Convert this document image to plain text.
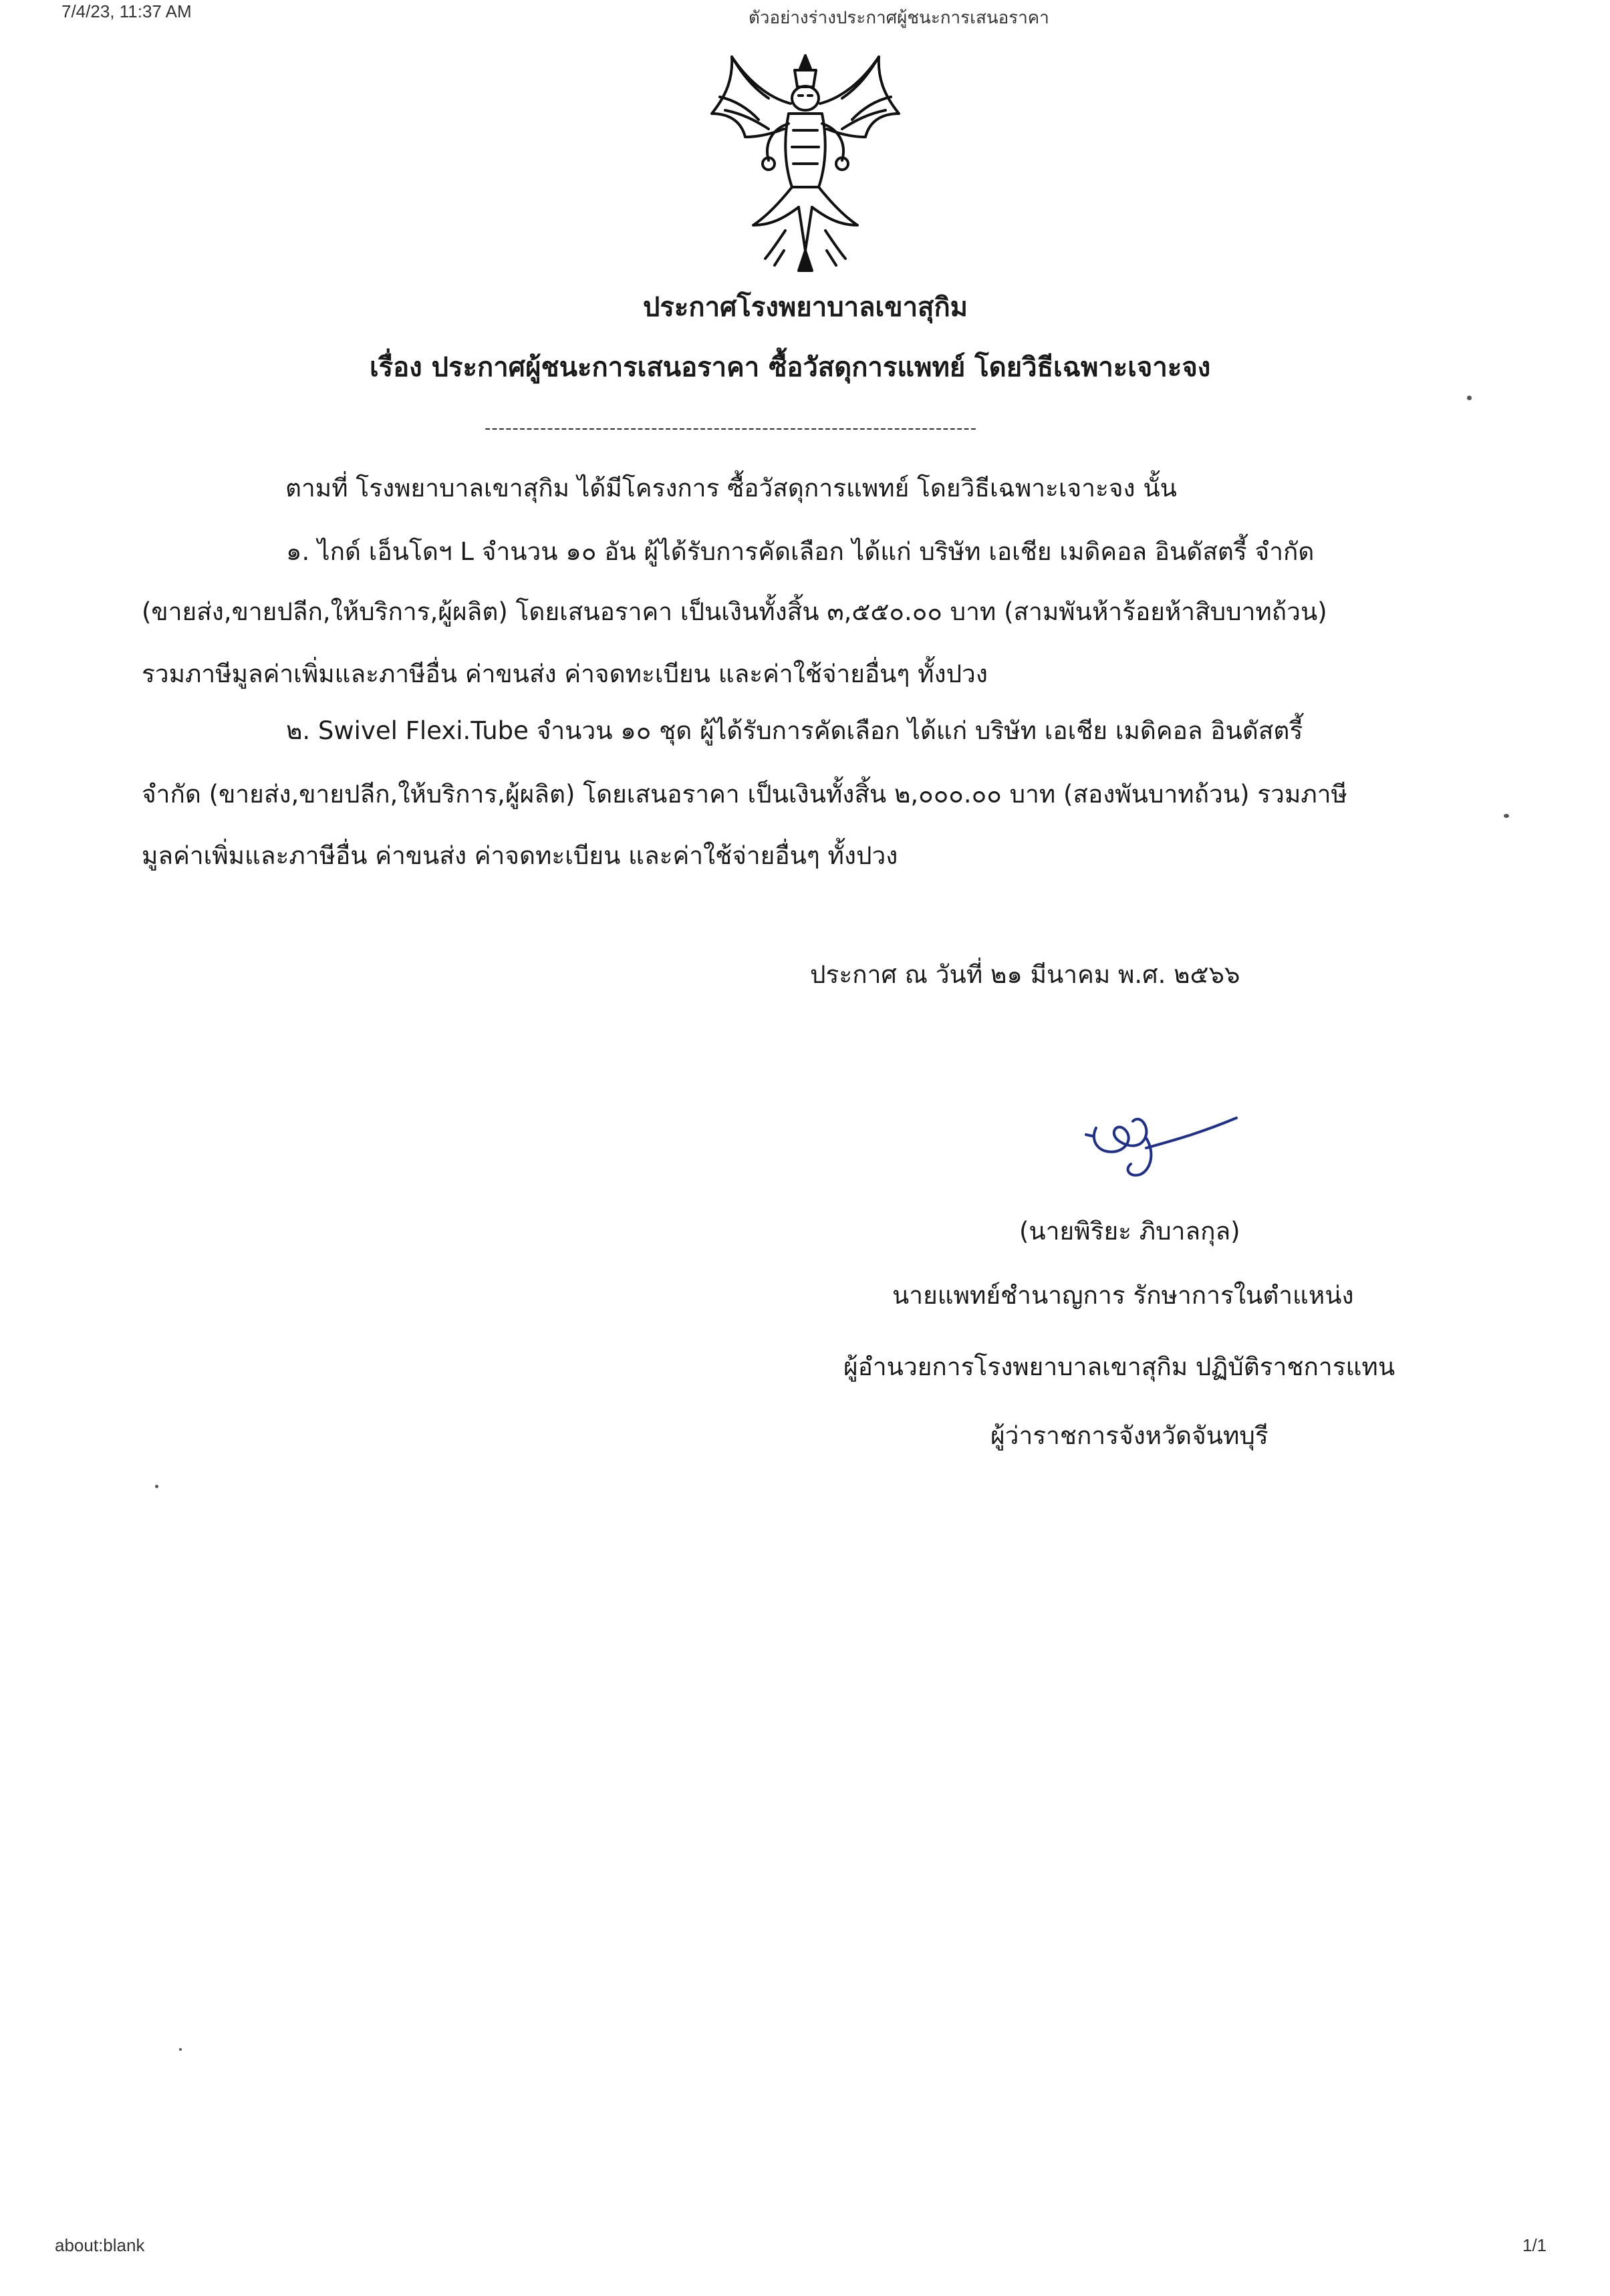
7/4/23, 11:37 AM	ตัวอย่างร่างประกาศผู้ชนะการเสนอราคา
ประกาศโรงพยาบาลเขาสุกิม
เรื่อง ประกาศผู้ชนะการเสนอราคา ซื้อวัสดุการแพทย์ โดยวิธีเฉพาะเจาะจง
-----------------------------------------------------------------------
ตามที่ โรงพยาบาลเขาสุกิม ได้มีโครงการ ซื้อวัสดุการแพทย์ โดยวิธีเฉพาะเจาะจง นั้น
๑. ไกด์ เอ็นโดฯ L จำนวน ๑๐ อัน ผู้ได้รับการคัดเลือก ได้แก่ บริษัท เอเชีย เมดิคอล อินดัสตรี้ จำกัด
(ขายส่ง,ขายปลีก,ให้บริการ,ผู้ผลิต) โดยเสนอราคา เป็นเงินทั้งสิ้น ๓,๕๕๐.๐๐ บาท (สามพันห้าร้อยห้าสิบบาทถ้วน)
รวมภาษีมูลค่าเพิ่มและภาษีอื่น ค่าขนส่ง ค่าจดทะเบียน และค่าใช้จ่ายอื่นๆ ทั้งปวง
๒. Swivel Flexi.Tube จำนวน ๑๐ ชุด ผู้ได้รับการคัดเลือก ได้แก่ บริษัท เอเชีย เมดิคอล อินดัสตรี้
จำกัด (ขายส่ง,ขายปลีก,ให้บริการ,ผู้ผลิต) โดยเสนอราคา เป็นเงินทั้งสิ้น ๒,๐๐๐.๐๐ บาท (สองพันบาทถ้วน) รวมภาษี
มูลค่าเพิ่มและภาษีอื่น ค่าขนส่ง ค่าจดทะเบียน และค่าใช้จ่ายอื่นๆ ทั้งปวง
ประกาศ ณ วันที่ ๒๑ มีนาคม พ.ศ. ๒๕๖๖
(นายพิริยะ ภิบาลกุล)
นายแพทย์ชำนาญการ รักษาการในตำแหน่ง
ผู้อำนวยการโรงพยาบาลเขาสุกิม ปฏิบัติราชการแทน
ผู้ว่าราชการจังหวัดจันทบุรี
about:blank	1/1
